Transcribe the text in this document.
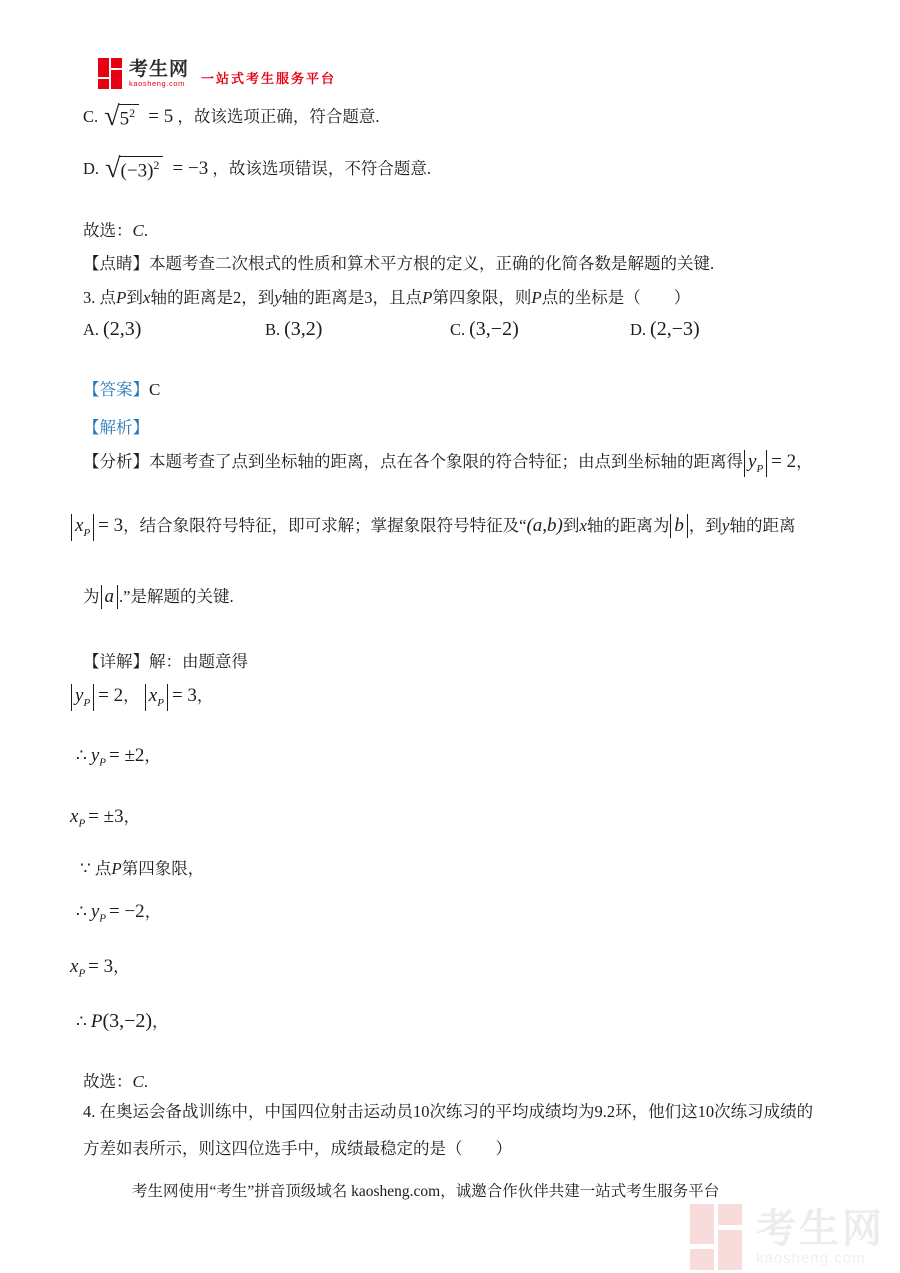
考生网
kaosheng.com	一站式考生服务平台
C. √ $5^2 = 5$ ，故该选项正确，符合题意.
D. √ $(-3)^2 = -3$ ，故该选项错误，不符合题意.
故选：C.
【点睛】本题考查二次根式的性质和算术平方根的定义，正确的化简各数是解题的关键.
3. 点P到x轴的距离是2，到y轴的距离是3，且点P第四象限，则P点的坐标是（　　）
A. (2,3)	B. (3,2)	C. (3,−2)	D. (2,−3)
【答案】C
【解析】
【分析】本题考查了点到坐标轴的距离，点在各个象限的符合特征；由点到坐标轴的距离得 $y_P = 2$，
$x_P = 3$，结合象限符号特征，即可求解；掌握象限符号特征及“(a,b)到x轴的距离为 b ，到y轴的距离
为 a .”是解题的关键.
【详解】解：由题意得
$y_P = 2$， $x_P = 3$，
∴ $y_P = \pm 2$，
$x_P = \pm 3$，
∵ 点P第四象限，
∴ $y_P = -2$，
$x_P = 3$，
∴ P(3,−2)，
故选：C.
4. 在奥运会备战训练中，中国四位射击运动员10次练习的平均成绩均为9.2环，他们这10次练习成绩的
方差如表所示，则这四位选手中，成绩最稳定的是（　　）
考生网使用“考生”拼音顶级域名 kaosheng.com，诚邀合作伙伴共建一站式考生服务平台
考生网
kaosheng.com
